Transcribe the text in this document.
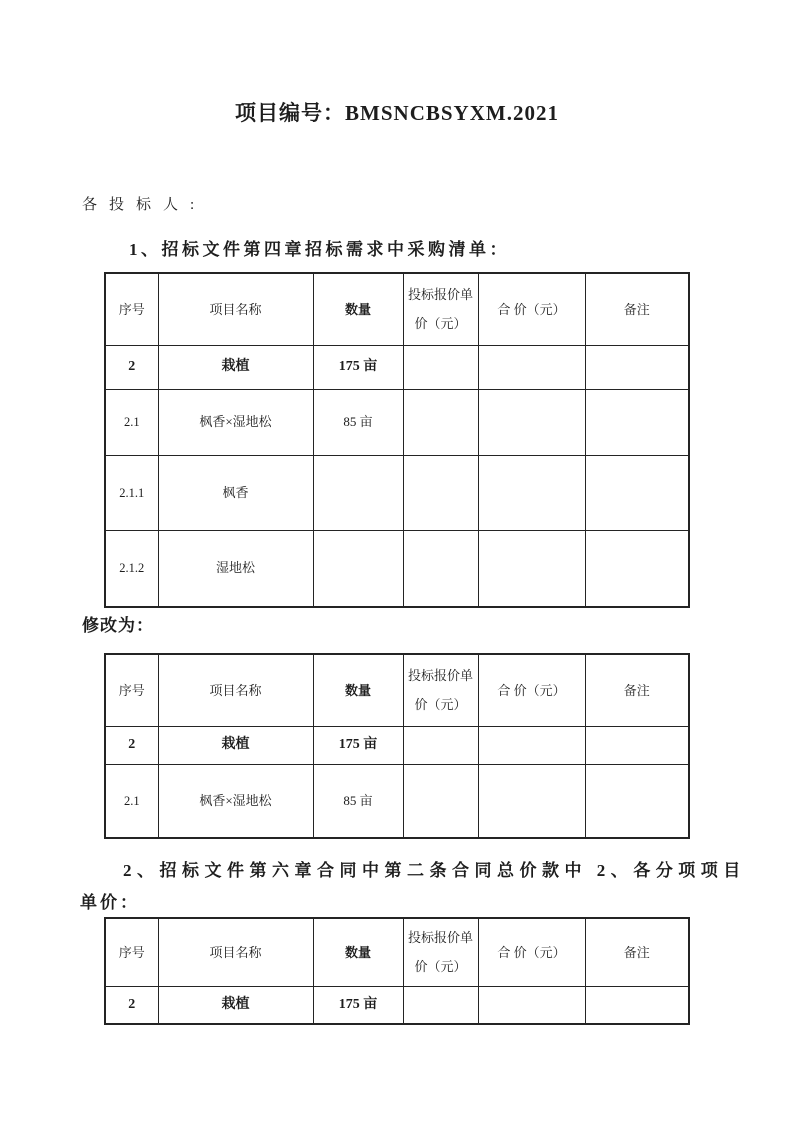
项目编号：BMSNCBSYXM.2021
各投标人:
1、招标文件第四章招标需求中采购清单：
序号	项目名称	数量	投标报价单价（元）	合 价（元）	备注
2	栽植	175 亩			
2.1	枫香×湿地松	85 亩			
2.1.1	枫香				
2.1.2	湿地松				
修改为：
序号	项目名称	数量	投标报价单价（元）	合 价（元）	备注
2	栽植	175 亩			
2.1	枫香×湿地松	85 亩			
2、招标文件第六章合同中第二条合同总价款中 2、各分项项目
单价：
序号	项目名称	数量	投标报价单价（元）	合 价（元）	备注
2	栽植	175 亩			
